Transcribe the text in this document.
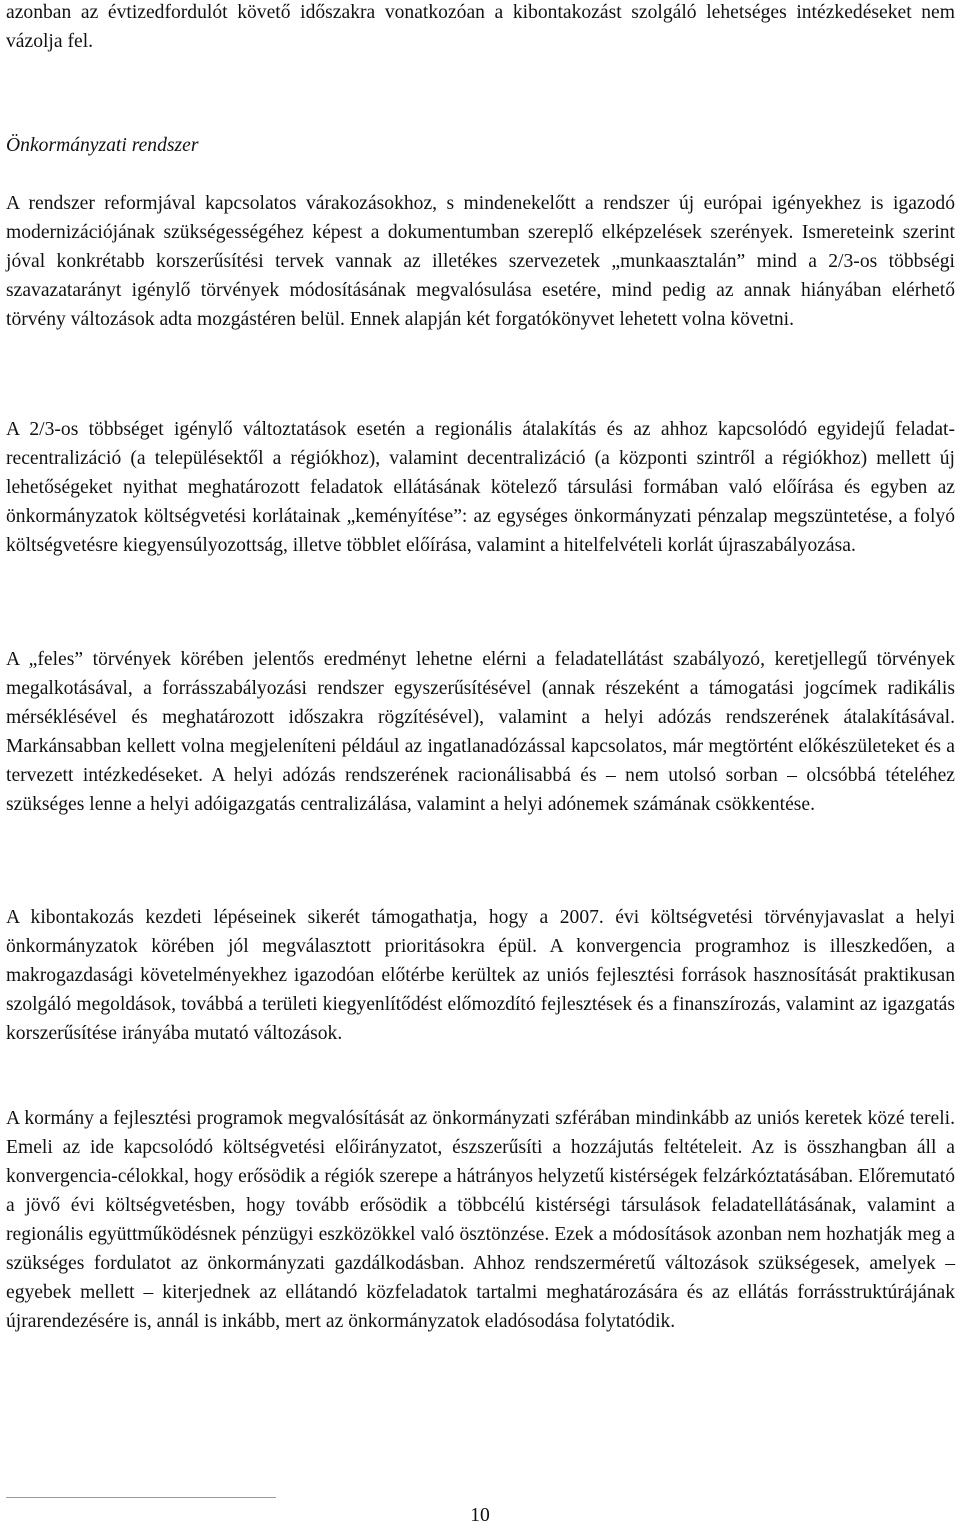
azonban az évtizedfordulót követő időszakra vonatkozóan a kibontakozást szolgáló lehetséges intézkedéseket nem vázolja fel.

Önkormányzati rendszer

A rendszer reformjával kapcsolatos várakozásokhoz, s mindenekelőtt a rendszer új európai igényekhez is igazodó modernizációjának szükségességéhez képest a dokumentumban szereplő elképzelések szerények. Ismereteink szerint jóval konkrétabb korszerűsítési tervek vannak az illetékes szervezetek „munkaasztalán” mind a 2/3-os többségi szavazatarányt igénylő törvények módosításának megvalósulása esetére, mind pedig az annak hiányában elérhető törvény változások adta mozgástéren belül. Ennek alapján két forgatókönyvet lehetett volna követni.

A 2/3-os többséget igénylő változtatások esetén a regionális átalakítás és az ahhoz kapcsolódó egyidejű feladat-recentralizáció (a településektől a régiókhoz), valamint decentralizáció (a központi szintről a régiókhoz) mellett új lehetőségeket nyithat meghatározott feladatok ellátásának kötelező társulási formában való előírása és egyben az önkormányzatok költségvetési korlátainak „keményítése”: az egységes önkormányzati pénzalap megszüntetése, a folyó költségvetésre kiegyensúlyozottság, illetve többlet előírása, valamint a hitelfelvételi korlát újraszabályozása.

A „feles” törvények körében jelentős eredményt lehetne elérni a feladatellátást szabályozó, keretjellegű törvények megalkotásával, a forrásszabályozási rendszer egyszerűsítésével (annak részeként a támogatási jogcímek radikális mérséklésével és meghatározott időszakra rögzítésével), valamint a helyi adózás rendszerének átalakításával. Markánsabban kellett volna megjeleníteni például az ingatlanadózással kapcsolatos, már megtörtént előkészületeket és a tervezett intézkedéseket. A helyi adózás rendszerének racionálisabbá és – nem utolsó sorban – olcsóbbá tételéhez szükséges lenne a helyi adóigazgatás centralizálása, valamint a helyi adónemek számának csökkentése.

A kibontakozás kezdeti lépéseinek sikerét támogathatja, hogy a 2007. évi költségvetési törvényjavaslat a helyi önkormányzatok körében jól megválasztott prioritásokra épül. A konvergencia programhoz is illeszkedően, a makrogazdasági követelményekhez igazodóan előtérbe kerültek az uniós fejlesztési források hasznosítását praktikusan szolgáló megoldások, továbbá a területi kiegyenlítődést előmozdító fejlesztések és a finanszírozás, valamint az igazgatás korszerűsítése irányába mutató változások.

A kormány a fejlesztési programok megvalósítását az önkormányzati szférában mindinkább az uniós keretek közé tereli. Emeli az ide kapcsolódó költségvetési előirányzatot, észszerűsíti a hozzájutás feltételeit. Az is összhangban áll a konvergencia-célokkal, hogy erősödik a régiók szerepe a hátrányos helyzetű kistérségek felzárkóztatásában. Előremutató a jövő évi költségvetésben, hogy tovább erősödik a többcélú kistérségi társulások feladatellátásának, valamint a regionális együttműködésnek pénzügyi eszközökkel való ösztönzése. Ezek a módosítások azonban nem hozhatják meg a szükséges fordulatot az önkormányzati gazdálkodásban. Ahhoz rendszerméretű változások szükségesek, amelyek – egyebek mellett – kiterjednek az ellátandó közfeladatok tartalmi meghatározására és az ellátás forrásstruktúrájának újrarendezésére is, annál is inkább, mert az önkormányzatok eladósodása folytatódik.

10
